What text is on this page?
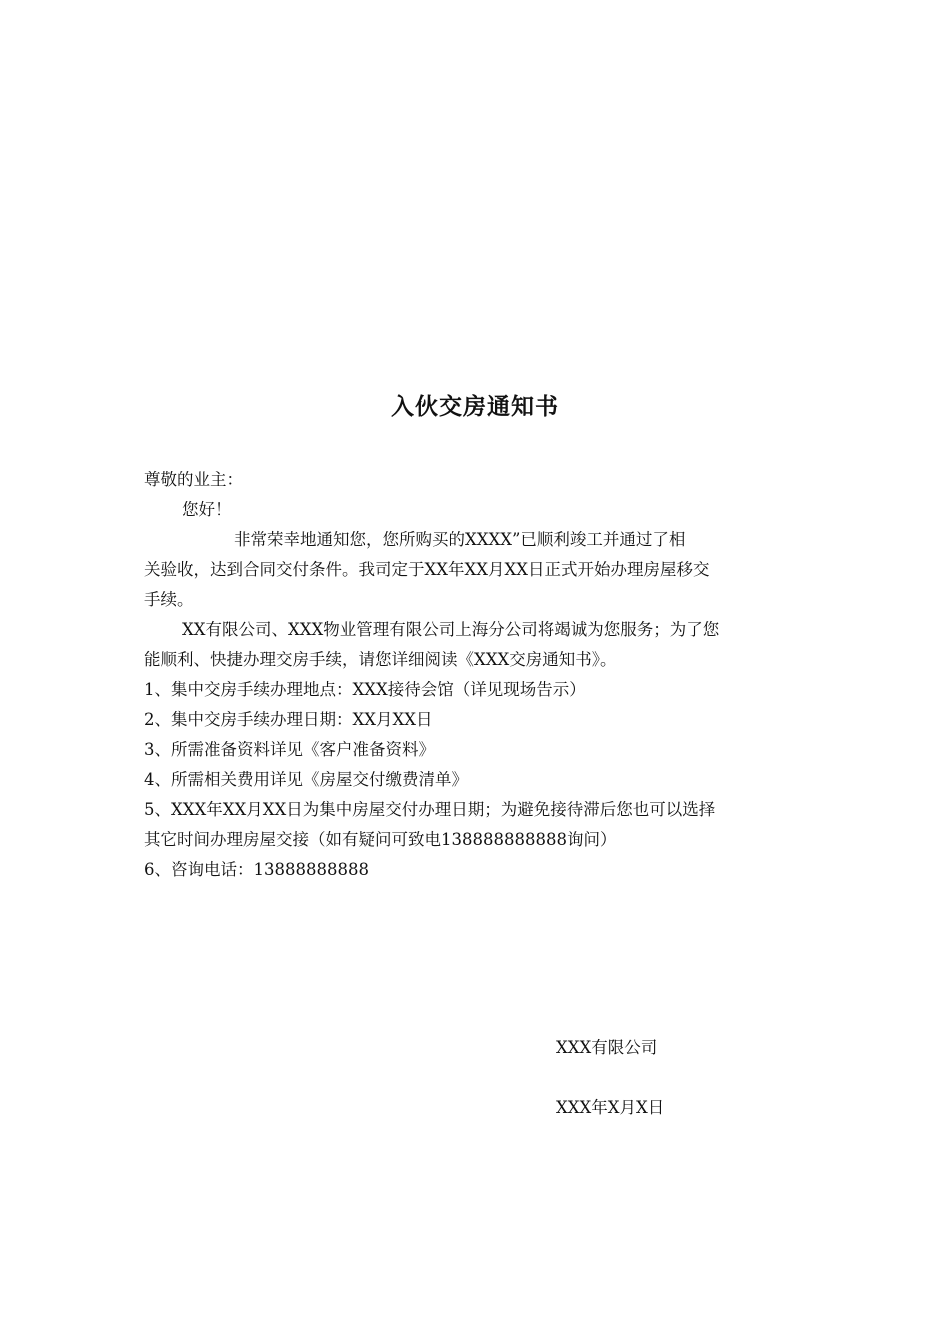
入伙交房通知书
尊敬的业主：
您好！
非常荣幸地通知您，您所购买的XXXX”已顺利竣工并通过了相
关验收，达到合同交付条件。我司定于XX年XX月XX日正式开始办理房屋移交
手续。
XX有限公司、XXX物业管理有限公司上海分公司将竭诚为您服务；为了您
能顺利、快捷办理交房手续，请您详细阅读《XXX交房通知书》。
1、集中交房手续办理地点：XXX接待会馆（详见现场告示）
2、集中交房手续办理日期：XX月XX日
3、所需准备资料详见《客户准备资料》
4、所需相关费用详见《房屋交付缴费清单》
5、XXX年XX月XX日为集中房屋交付办理日期；为避免接待滞后您也可以选择
其它时间办理房屋交接（如有疑问可致电138888888888询问）
6、咨询电话：13888888888
XXX有限公司
XXX年X月X日
